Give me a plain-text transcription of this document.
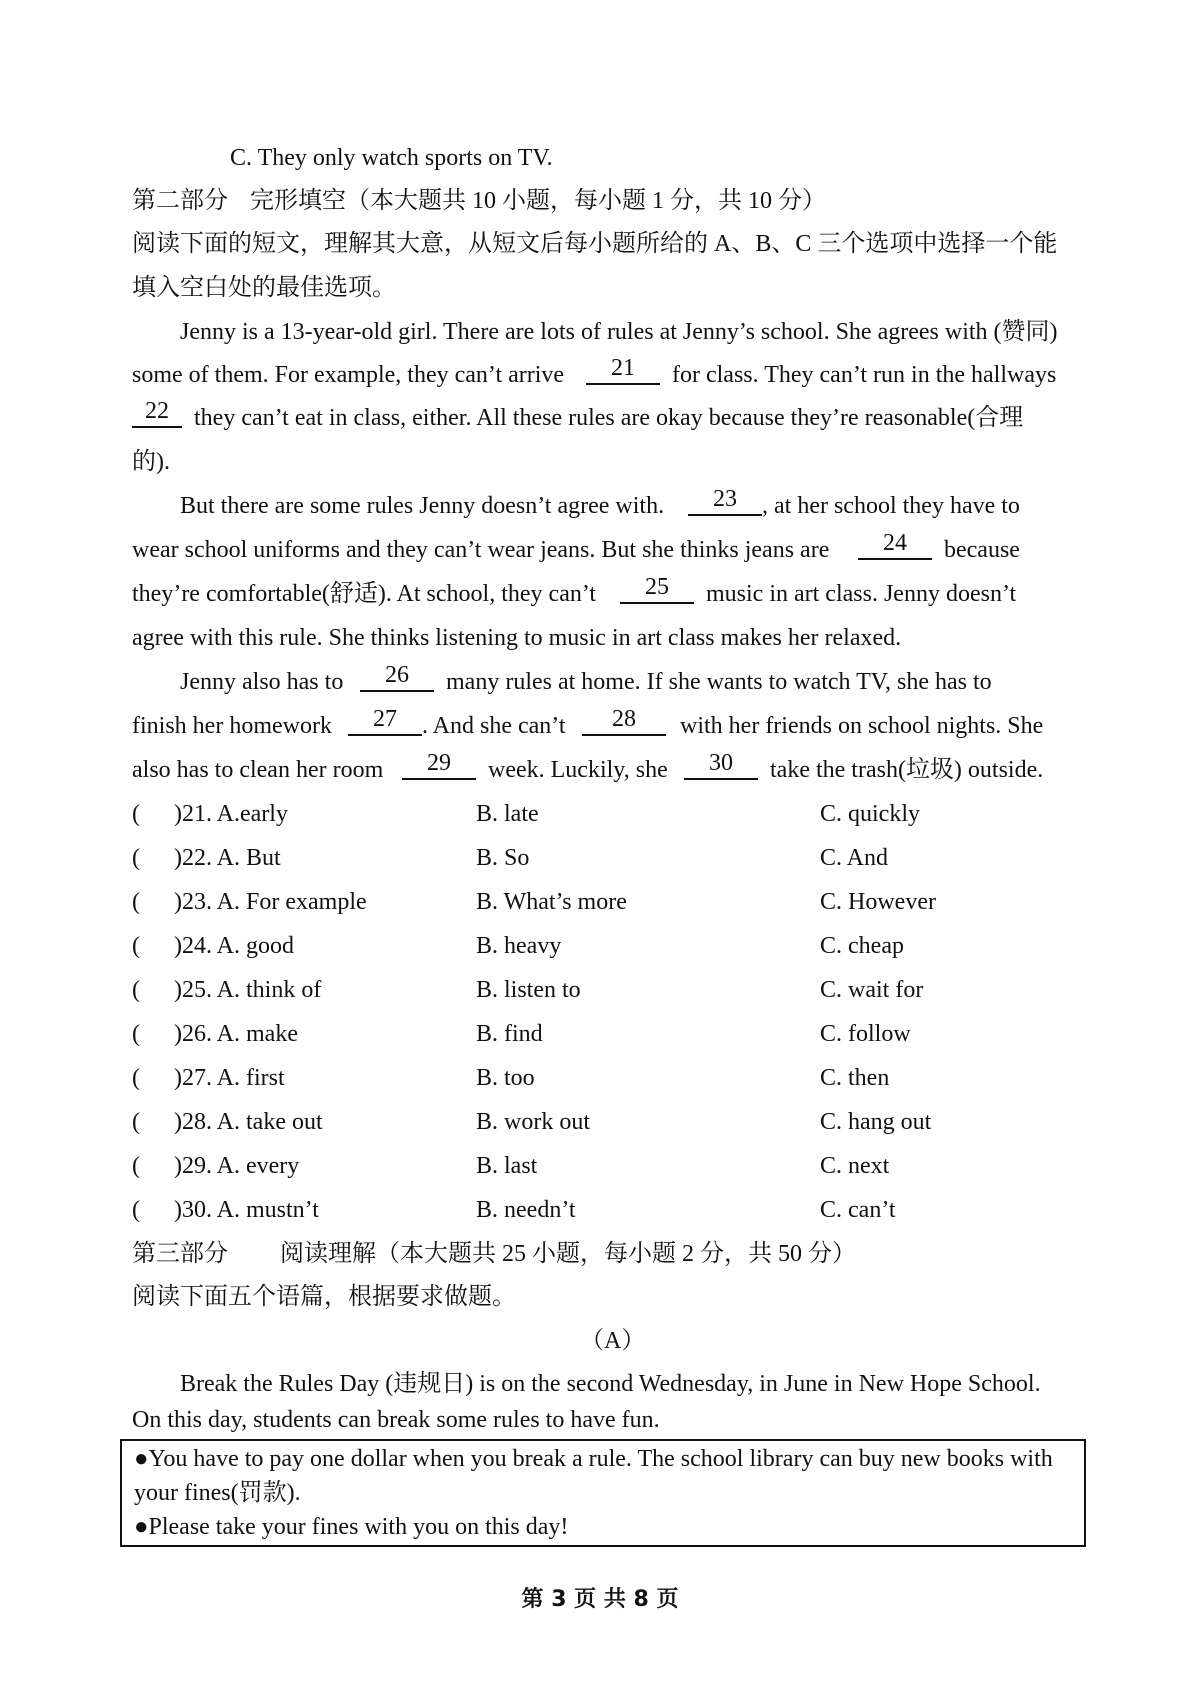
C. They only watch sports on TV.
第二部分 完形填空（本大题共 10 小题，每小题 1 分，共 10 分）
阅读下面的短文，理解其大意，从短文后每小题所给的 A、B、C 三个选项中选择一个能
填入空白处的最佳选项。
Jenny is a 13-year-old girl. There are lots of rules at Jenny’s school. She agrees with (赞同)
some of them. For example, they can’t arrive	21	for class. They can’t run in the hallways
22	they can’t eat in class, either. All these rules are okay because they’re reasonable(合理
的).
But there are some rules Jenny doesn’t agree with.	23	, at her school they have to
wear school uniforms and they can’t wear jeans. But she thinks jeans are	24	because
they’re comfortable(舒适). At school, they can’t	25	music in art class. Jenny doesn’t
agree with this rule. She thinks listening to music in art class makes her relaxed.
Jenny also has to	26	many rules at home. If she wants to watch TV, she has to
finish her homework	27	. And she can’t	28	with her friends on school nights. She
also has to clean her room	29	week. Luckily, she	30	take the trash(垃圾) outside.
( )21. A.early	B. late	C. quickly
( )22. A. But	B. So	C. And
( )23. A. For example	B. What’s more	C. However
( )24. A. good	B. heavy	C. cheap
( )25. A. think of	B. listen to	C. wait for
( )26. A. make	B. find	C. follow
( )27. A. first	B. too	C. then
( )28. A. take out	B. work out	C. hang out
( )29. A. every	B. last	C. next
( )30. A. mustn’t	B. needn’t	C. can’t
第三部分 阅读理解（本大题共 25 小题，每小题 2 分，共 50 分）
阅读下面五个语篇，根据要求做题。
（A）
Break the Rules Day (违规日) is on the second Wednesday, in June in New Hope School.
On this day, students can break some rules to have fun.
●You have to pay one dollar when you break a rule. The school library can buy new books with
your fines(罚款).
●Please take your fines with you on this day!
第 3 页 共 8 页
